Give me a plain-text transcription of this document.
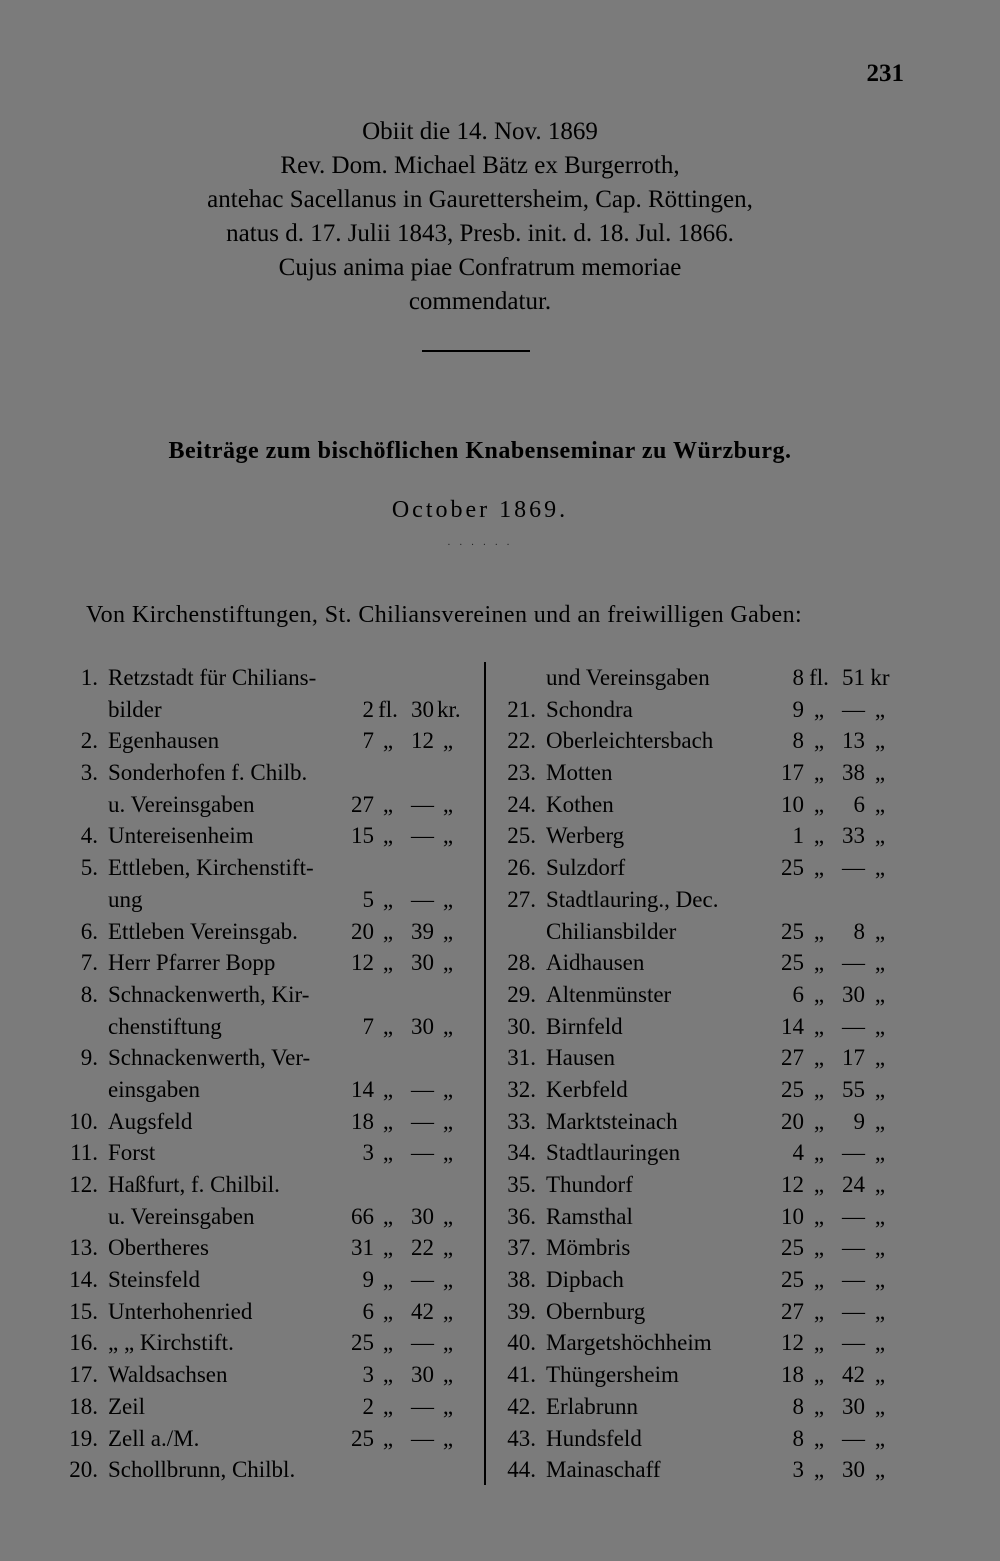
231
Obiit die 14. Nov. 1869
Rev. Dom. Michael Bätz ex Burgerroth,
antehac Sacellanus in Gaurettersheim, Cap. Röttingen,
natus d. 17. Julii 1843, Presb. init. d. 18. Jul. 1866.
Cujus anima piae Confratrum memoriae
commendatur.
Beiträge zum bischöflichen Knabenseminar zu Würzburg.
October 1869.
· · · · · ·
Von Kirchenstiftungen, St. Chiliansvereinen und an freiwilligen Gaben:
1. Retzstadt für Chilians-
bilder	2 fl. 30 kr.
2. Egenhausen	7 „ 12 „
3. Sonderhofen f. Chilb.
u. Vereinsgaben	27 „ — „
4. Untereisenheim	15 „ — „
5. Ettleben, Kirchenstift-
ung	5 „ — „
6. Ettleben Vereinsgab.	20 „ 39 „
7. Herr Pfarrer Bopp	12 „ 30 „
8. Schnackenwerth, Kir-
chenstiftung	7 „ 30 „
9. Schnackenwerth, Ver-
einsgaben	14 „ — „
10. Augsfeld	18 „ — „
11. Forst	3 „ — „
12. Haßfurt, f. Chilbil.
u. Vereinsgaben	66 „ 30 „
13. Obertheres	31 „ 22 „
14. Steinsfeld	9 „ — „
15. Unterhohenried	6 „ 42 „
16. „ „ Kirchstift.	25 „ — „
17. Waldsachsen	3 „ 30 „
18. Zeil	2 „ — „
19. Zell a./M.	25 „ — „
20. Schollbrunn, Chilbl.
und Vereinsgaben	8 fl. 51 kr
21. Schondra	9 „ — „
22. Oberleichtersbach	8 „ 13 „
23. Motten	17 „ 38 „
24. Kothen	10 „	6 „
25. Werberg	1 „ 33 „
26. Sulzdorf	25 „ — „
27. Stadtlauring., Dec.
Chiliansbilder	25 „	8 „
28. Aidhausen	25 „ — „
29. Altenmünster	6 „ 30 „
30. Birnfeld	14 „ — „
31. Hausen	27 „ 17 „
32. Kerbfeld	25 „ 55 „
33. Marktsteinach	20 „	9 „
34. Stadtlauringen	4 „ — „
35. Thundorf	12 „ 24 „
36. Ramsthal	10 „ — „
37. Mömbris	25 „ — „
38. Dipbach	25 „ — „
39. Obernburg	27 „ — „
40. Margetshöchheim	12 „ — „
41. Thüngersheim	18 „ 42 „
42. Erlabrunn	8 „ 30 „
43. Hundsfeld	8 „ — „
44. Mainaschaff	3 „ 30 „
